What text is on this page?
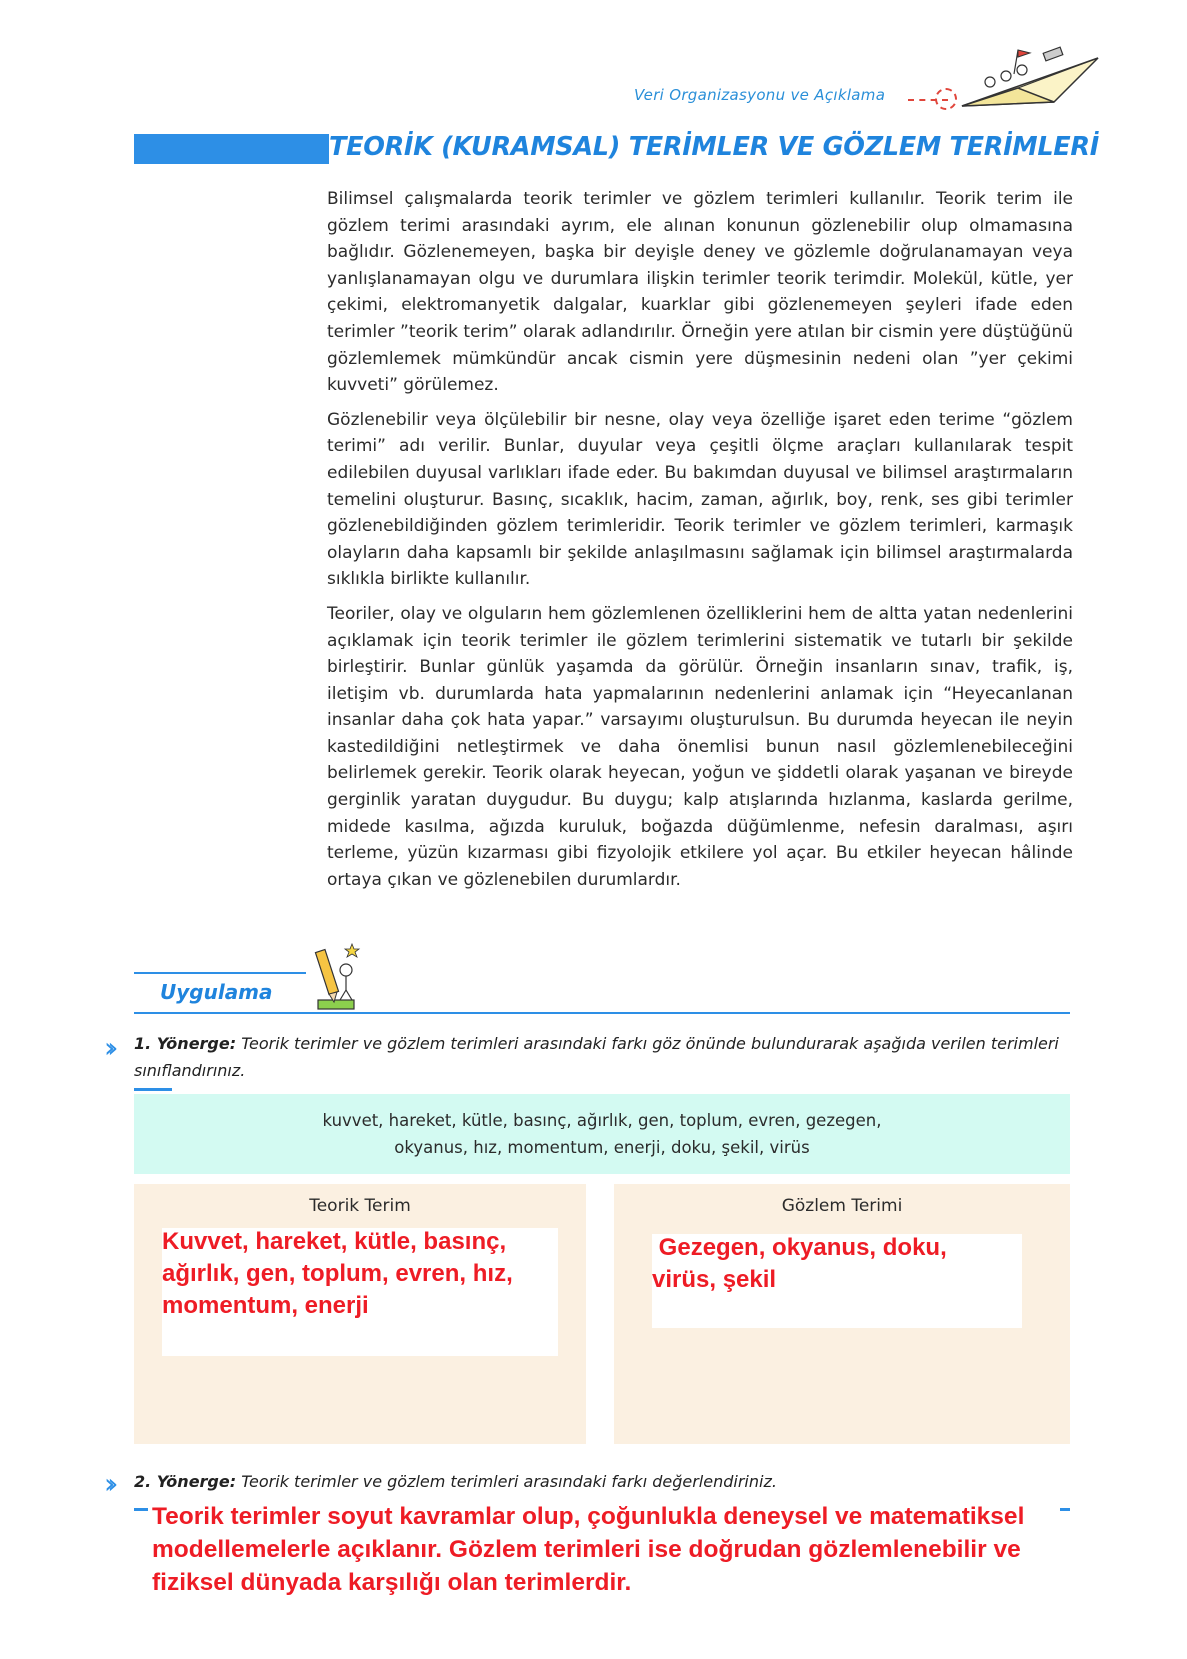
Veri Organizasyonu ve Açıklama
TEORİK (KURAMSAL) TERİMLER VE GÖZLEM TERİMLERİ

Bilimsel çalışmalarda teorik terimler ve gözlem terimleri kullanılır. Teorik terim ile gözlem terimi arasındaki ayrım, ele alınan konunun gözlenebilir olup olmamasına bağlıdır. Gözlenemeyen, başka bir deyişle deney ve gözlemle doğrulanamayan veya yanlışlanamayan olgu ve durumlara ilişkin terimler teorik terimdir. Molekül, kütle, yer çekimi, elektromanyetik dalgalar, kuarklar gibi gözlenemeyen şeyleri ifade eden terimler ”teorik terim” olarak adlandırılır. Örneğin yere atılan bir cismin yere düştüğünü gözlemlemek mümkündür ancak cismin yere düşmesinin nedeni olan ”yer çekimi kuvveti” görülemez.

Gözlenebilir veya ölçülebilir bir nesne, olay veya özelliğe işaret eden terime “gözlem terimi” adı verilir. Bunlar, duyular veya çeşitli ölçme araçları kullanılarak tespit edilebilen duyusal varlıkları ifade eder. Bu bakımdan duyusal ve bilimsel araştırmaların temelini oluşturur. Basınç, sıcaklık, hacim, zaman, ağırlık, boy, renk, ses gibi terimler gözlenebildiğinden gözlem terimleridir. Teorik terimler ve gözlem terimleri, karmaşık olayların daha kapsamlı bir şekilde anlaşılmasını sağlamak için bilimsel araştırmalarda sıklıkla birlikte kullanılır.

Teoriler, olay ve olguların hem gözlemlenen özelliklerini hem de altta yatan nedenlerini açıklamak için teorik terimler ile gözlem terimlerini sistematik ve tutarlı bir şekilde birleştirir. Bunlar günlük yaşamda da görülür. Örneğin insanların sınav, trafik, iş, iletişim vb. durumlarda hata yapmalarının nedenlerini anlamak için “Heyecanlanan insanlar daha çok hata yapar.” varsayımı oluşturulsun. Bu durumda heyecan ile neyin kastedildiğini netleştirmek ve daha önemlisi bunun nasıl gözlemlenebileceğini belirlemek gerekir. Teorik olarak heyecan, yoğun ve şiddetli olarak yaşanan ve bireyde gerginlik yaratan duygudur. Bu duygu; kalp atışlarında hızlanma, kaslarda gerilme, midede kasılma, ağızda kuruluk, boğazda düğümlenme, nefesin daralması, aşırı terleme, yüzün kızarması gibi fizyolojik etkilere yol açar. Bu etkiler heyecan hâlinde ortaya çıkan ve gözlenebilen durumlardır.

Uygulama
›› 1. Yönerge: Teorik terimler ve gözlem terimleri arasındaki farkı göz önünde bulundurarak aşağıda verilen terimleri sınıflandırınız.
kuvvet, hareket, kütle, basınç, ağırlık, gen, toplum, evren, gezegen,
okyanus, hız, momentum, enerji, doku, şekil, virüs
Teorik Terim
Kuvvet, hareket, kütle, basınç, ağırlık, gen, toplum, evren, hız, momentum, enerji
Gözlem Terimi
Gezegen, okyanus, doku, virüs, şekil
›› 2. Yönerge: Teorik terimler ve gözlem terimleri arasındaki farkı değerlendiriniz.
Teorik terimler soyut kavramlar olup, çoğunlukla deneysel ve matematiksel modellemelerle açıklanır. Gözlem terimleri ise doğrudan gözlemlenebilir ve fiziksel dünyada karşılığı olan terimlerdir.
